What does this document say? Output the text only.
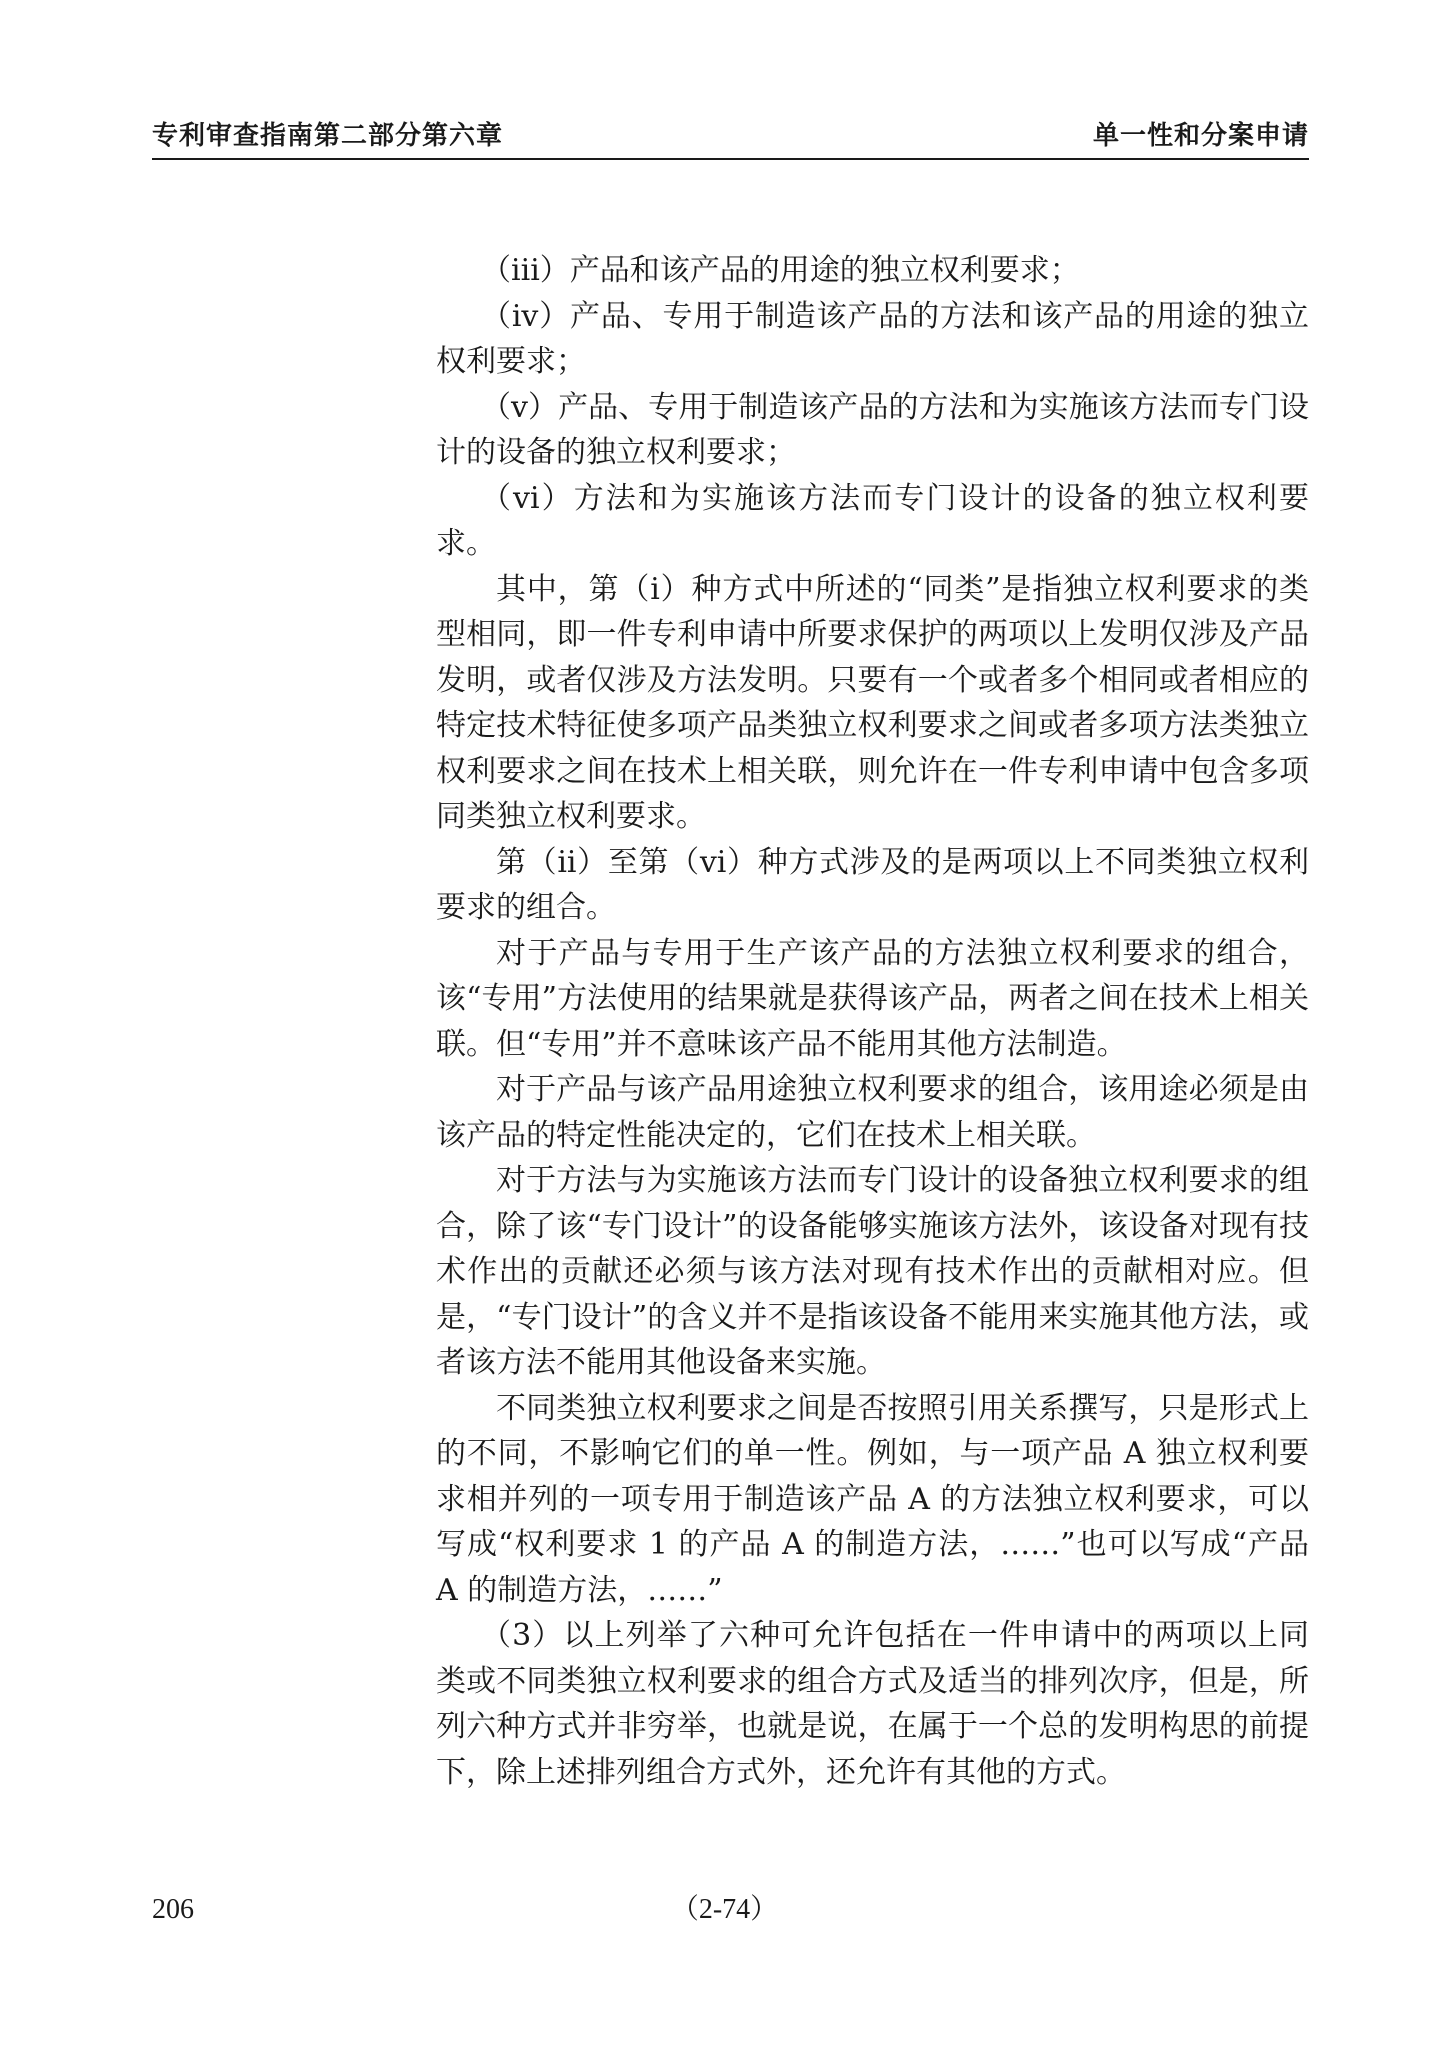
专利审查指南第二部分第六章	单一性和分案申请

（iii）产品和该产品的用途的独立权利要求；

（iv）产品、专用于制造该产品的方法和该产品的用途的独立权利要求；

（v）产品、专用于制造该产品的方法和为实施该方法而专门设计的设备的独立权利要求；

（vi）方法和为实施该方法而专门设计的设备的独立权利要求。

其中，第（i）种方式中所述的“同类”是指独立权利要求的类型相同，即一件专利申请中所要求保护的两项以上发明仅涉及产品发明，或者仅涉及方法发明。只要有一个或者多个相同或者相应的特定技术特征使多项产品类独立权利要求之间或者多项方法类独立权利要求之间在技术上相关联，则允许在一件专利申请中包含多项同类独立权利要求。

第（ii）至第（vi）种方式涉及的是两项以上不同类独立权利要求的组合。

对于产品与专用于生产该产品的方法独立权利要求的组合，该“专用”方法使用的结果就是获得该产品，两者之间在技术上相关联。但“专用”并不意味该产品不能用其他方法制造。

对于产品与该产品用途独立权利要求的组合，该用途必须是由该产品的特定性能决定的，它们在技术上相关联。

对于方法与为实施该方法而专门设计的设备独立权利要求的组合，除了该“专门设计”的设备能够实施该方法外，该设备对现有技术作出的贡献还必须与该方法对现有技术作出的贡献相对应。但是，“专门设计”的含义并不是指该设备不能用来实施其他方法，或者该方法不能用其他设备来实施。

不同类独立权利要求之间是否按照引用关系撰写，只是形式上的不同，不影响它们的单一性。例如，与一项产品 A 独立权利要求相并列的一项专用于制造该产品 A 的方法独立权利要求，可以写成“权利要求 1 的产品 A 的制造方法，……”也可以写成“产品 A 的制造方法，……”

（3）以上列举了六种可允许包括在一件申请中的两项以上同类或不同类独立权利要求的组合方式及适当的排列次序，但是，所列六种方式并非穷举，也就是说，在属于一个总的发明构思的前提下，除上述排列组合方式外，还允许有其他的方式。

206	（2-74）
